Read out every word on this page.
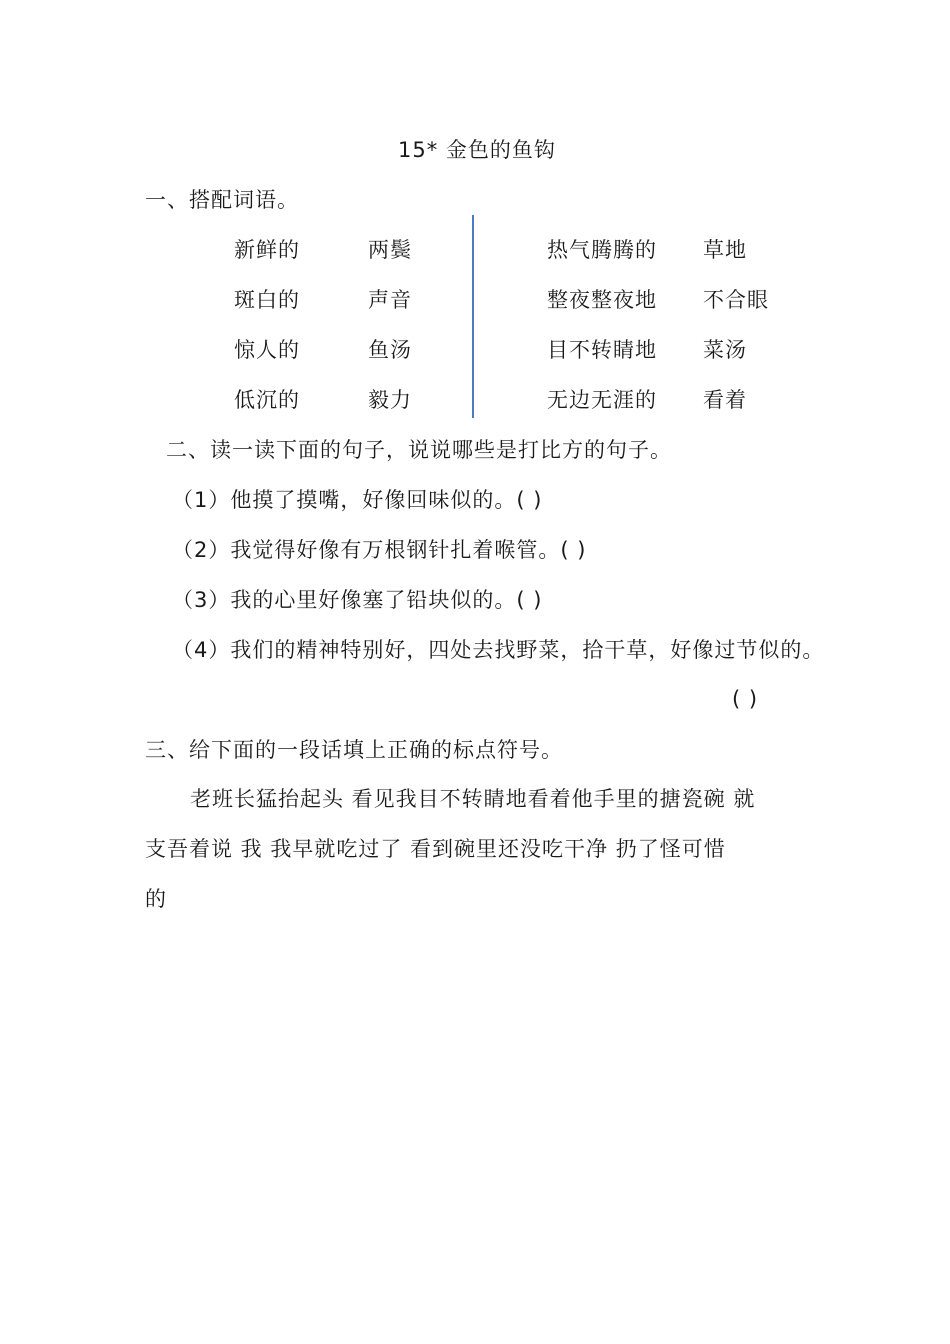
15* 金色的鱼钩
一、搭配词语。
新鲜的
斑白的
惊人的
低沉的
两鬓
声音
鱼汤
毅力
热气腾腾的
整夜整夜地
目不转睛地
无边无涯的
草地
不合眼
菜汤
看着
二、读一读下面的句子，说说哪些是打比方的句子。
（1）他摸了摸嘴，好像回味似的。( )
（2）我觉得好像有万根钢针扎着喉管。( )
（3）我的心里好像塞了铅块似的。( )
（4）我们的精神特别好，四处去找野菜，拾干草，好像过节似的。
( )
三、给下面的一段话填上正确的标点符号。
老班长猛抬起头 看见我目不转睛地看着他手里的搪瓷碗 就
支吾着说 我 我早就吃过了 看到碗里还没吃干净 扔了怪可惜
的
